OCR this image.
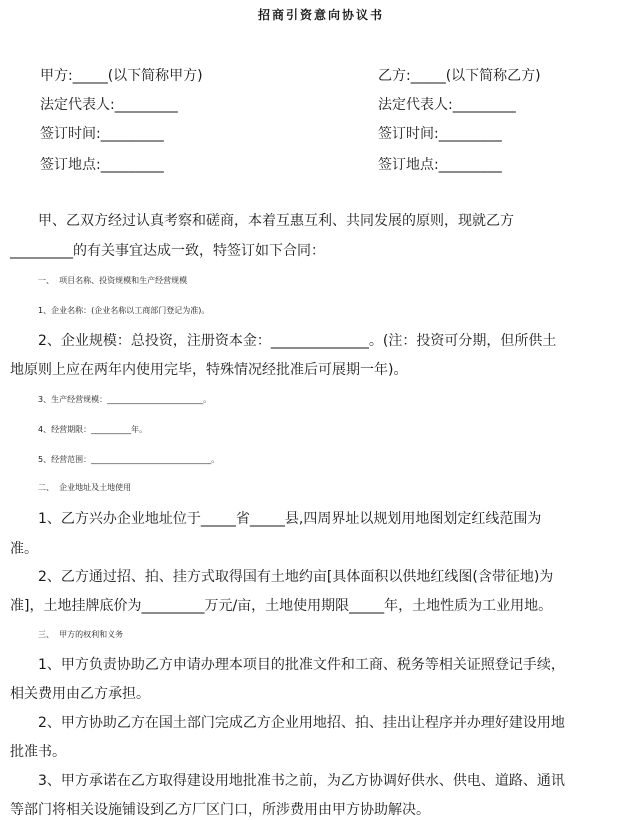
招商引资意向协议书
甲方:_____(以下简称甲方)
法定代表人:_________
签订时间:_________
签订地点:_________
乙方:_____(以下简称乙方)
法定代表人:_________
签订时间:_________
签订地点:_________
甲、乙双方经过认真考察和磋商，本着互惠互利、共同发展的原则，现就乙方
_________的有关事宜达成一致，特签订如下合同：
一、  项目名称、投资规模和生产经营规模
1、企业名称：(企业名称以工商部门登记为准)。
2、企业规模：总投资，注册资本金：______________。(注：投资可分期，但所供土
地原则上应在两年内使用完毕，特殊情况经批准后可展期一年)。
3、生产经营规模：________________________。
4、经营期限：__________年。
5、经营范围：______________________________。
二、  企业地址及土地使用
1、乙方兴办企业地址位于_____省_____县,四周界址以规划用地图划定红线范围为
准。
2、乙方通过招、拍、挂方式取得国有土地约亩[具体面积以供地红线图(含带征地)为
准]，土地挂牌底价为_________万元/亩，土地使用期限_____年，土地性质为工业用地。
三、  甲方的权利和义务
1、甲方负责协助乙方申请办理本项目的批准文件和工商、税务等相关证照登记手续，
相关费用由乙方承担。
2、甲方协助乙方在国土部门完成乙方企业用地招、拍、挂出让程序并办理好建设用地
批准书。
3、甲方承诺在乙方取得建设用地批准书之前，为乙方协调好供水、供电、道路、通讯
等部门将相关设施铺设到乙方厂区门口，所涉费用由甲方协助解决。
